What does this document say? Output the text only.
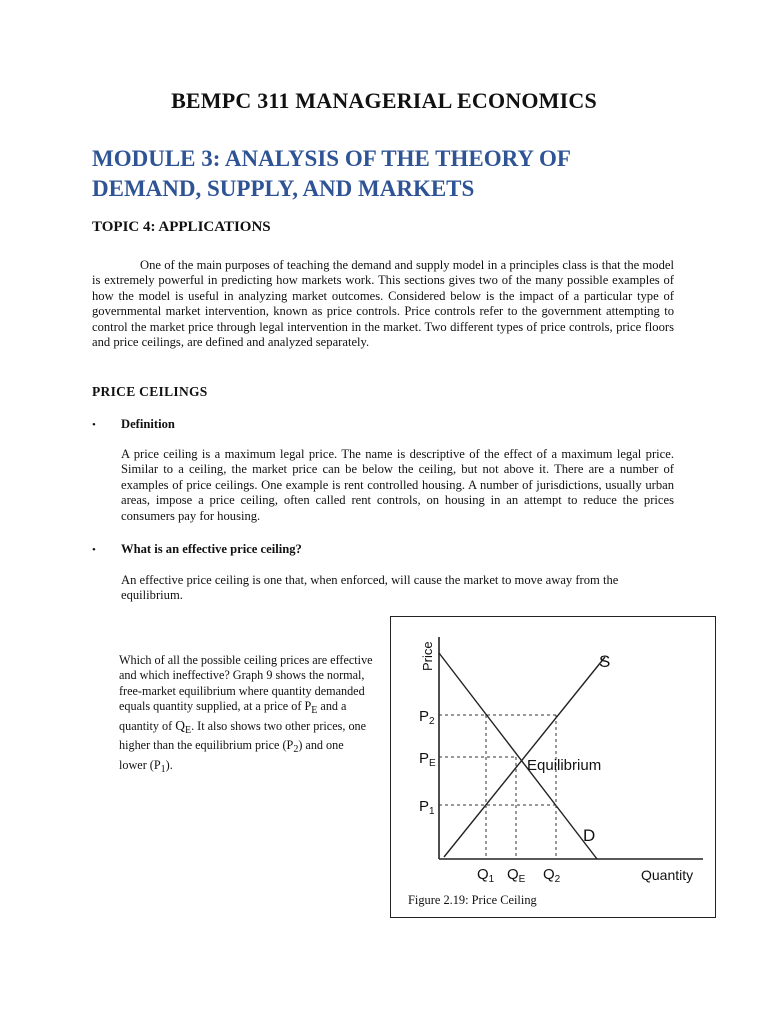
BEMPC 311 MANAGERIAL ECONOMICS
MODULE 3: ANALYSIS OF THE THEORY OF
DEMAND, SUPPLY, AND MARKETS
TOPIC 4: APPLICATIONS

One of the main purposes of teaching the demand and supply model in a principles class is that the model is extremely powerful in predicting how markets work. This sections gives two of the many possible examples of how the model is useful in analyzing market outcomes. Considered below is the impact of a particular type of governmental market intervention, known as price controls. Price controls refer to the government attempting to control the market price through legal intervention in the market. Two different types of price controls, price floors and price ceilings, are defined and analyzed separately.

PRICE CEILINGS
• Definition

A price ceiling is a maximum legal price. The name is descriptive of the effect of a maximum legal price. Similar to a ceiling, the market price can be below the ceiling, but not above it. There are a number of examples of price ceilings. One example is rent controlled housing. A number of jurisdictions, usually urban areas, impose a price ceiling, often called rent controls, on housing in an attempt to reduce the prices consumers pay for housing.

• What is an effective price ceiling?

An effective price ceiling is one that, when enforced, will cause the market to move away from the equilibrium.

Which of all the possible ceiling prices are effective and which ineffective? Graph 9 shows the normal, free-market equilibrium where quantity demanded equals quantity supplied, at a price of $P_E$ and a quantity of $Q_E$. It also shows two other prices, one higher than the equilibrium price $(P_2)$ and one lower $(P_1)$.

Price
Quantity
S
D
Equilibrium
$P_2$
$P_E$
$P_1$
$Q_1$ $Q_E$ $Q_2$
Figure 2.19: Price Ceiling
